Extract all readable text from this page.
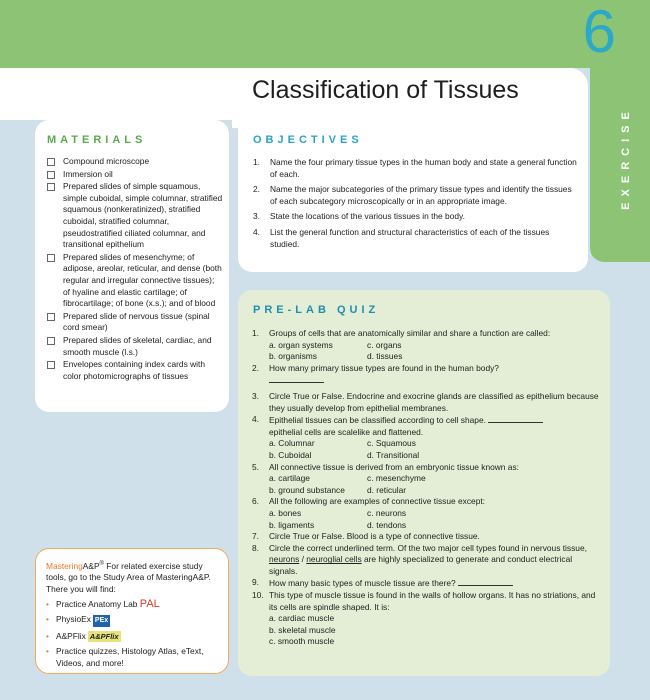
6
EXERCISE
Classification of Tissues
MATERIALS
Compound microscope
Immersion oil
Prepared slides of simple squamous, simple cuboidal, simple columnar, stratified squamous (nonkeratinized), stratified cuboidal, stratified columnar, pseudostratified ciliated columnar, and transitional epithelium
Prepared slides of mesenchyme; of adipose, areolar, reticular, and dense (both regular and irregular connective tissues); of hyaline and elastic cartilage; of fibrocartilage; of bone (x.s.); and of blood
Prepared slide of nervous tissue (spinal cord smear)
Prepared slides of skeletal, cardiac, and smooth muscle (l.s.)
Envelopes containing index cards with color photomicrographs of tissues
OBJECTIVES
1. Name the four primary tissue types in the human body and state a general function of each.
2. Name the major subcategories of the primary tissue types and identify the tissues of each subcategory microscopically or in an appropriate image.
3. State the locations of the various tissues in the body.
4. List the general function and structural characteristics of each of the tissues studied.
PRE-LAB QUIZ
1. Groups of cells that are anatomically similar and share a function are called:
a. organ systems	c. organs
b. organisms	d. tissues
2. How many primary tissue types are found in the human body?
3. Circle True or False. Endocrine and exocrine glands are classified as epithelium because they usually develop from epithelial membranes.
4. Epithelial tissues can be classified according to cell shape.
epithelial cells are scalelike and flattened.
a. Columnar	c. Squamous
b. Cuboidal	d. Transitional
5. All connective tissue is derived from an embryonic tissue known as:
a. cartilage	c. mesenchyme
b. ground substance	d. reticular
6. All the following are examples of connective tissue except:
a. bones	c. neurons
b. ligaments	d. tendons
7. Circle True or False. Blood is a type of connective tissue.
8. Circle the correct underlined term. Of the two major cell types found in nervous tissue, neurons / neuroglial cells are highly specialized to generate and conduct electrical signals.
9. How many basic types of muscle tissue are there?
10. This type of muscle tissue is found in the walls of hollow organs. It has no striations, and its cells are spindle shaped. It is:
a. cardiac muscle
b. skeletal muscle
c. smooth muscle
MasteringA&P® For related exercise study tools, go to the Study Area of MasteringA&P. There you will find:
• Practice Anatomy Lab PAL
• PhysioEx PEx
• A&PFlix A&PFlix
• Practice quizzes, Histology Atlas, eText, Videos, and more!
